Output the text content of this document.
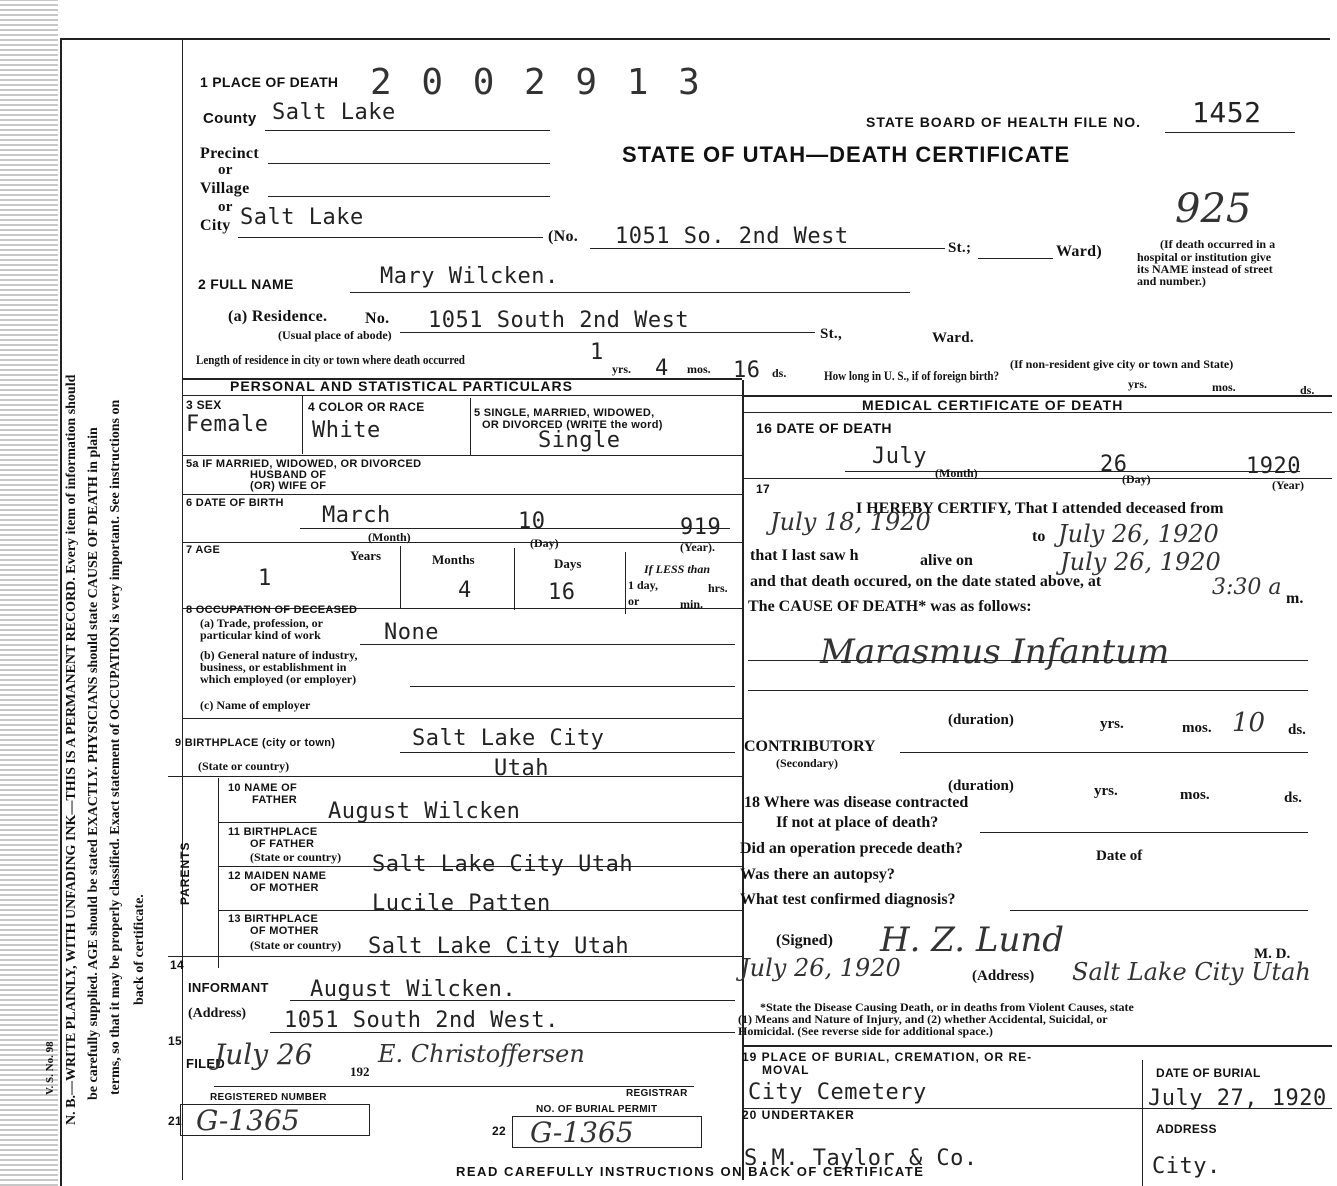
N. B.—WRITE PLAINLY, WITH UNFADING INK—THIS IS A PERMANENT RECORD. Every item of information should be carefully supplied. AGE should be stated EXACTLY. PHYSICIANS should state CAUSE OF DEATH in plain terms, so that it may be properly classified. Exact statement of OCCUPATION is very important. See instructions on back of certificate.
V. S. No. 98
1 PLACE OF DEATH 2 0 0 2 9 1 3
County Salt Lake	STATE BOARD OF HEALTH FILE NO. 1452
STATE OF UTAH—DEATH CERTIFICATE
925
Precinct
or
Village
or
City Salt Lake
(No. 1051 So. 2nd West	St.;	Ward)	(If death occurred in a
hospital or institution give
its NAME instead of street
and number.)
2 FULL NAME	Mary Wilcken.
(a) Residence. No. 1051 South 2nd West
(Usual place of abode)	St.,	Ward.
(If non-resident give city or town and State)
Length of residence in city or town where death occurred	1
yrs. 4 mos. 16 ds.	How long in U. S., if of foreign birth?
yrs.	mos.	ds.
PERSONAL AND STATISTICAL PARTICULARS
3 SEX
Female
4 COLOR OR RACE
White
5 SINGLE, MARRIED, WIDOWED,
OR DIVORCED (WRITE the word)
Single
5a IF MARRIED, WIDOWED, OR DIVORCED
HUSBAND OF
(OR) WIFE OF
6 DATE OF BIRTH March	10	919
(Month)	(Day)	(Year).
7 AGE	Years	Months	Days
1	4	16
If LESS than
1 day,	hrs.
or	min.
8 OCCUPATION OF DECEASED
(a) Trade, profession, or
particular kind of work	None
(b) General nature of industry,
business, or establishment in
which employed (or employer)
(c) Name of employer
9 BIRTHPLACE (city or town)	Salt Lake City
(State or country)	Utah
PARENTS
10 NAME OF
FATHER August Wilcken
11 BIRTHPLACE
OF FATHER
(State or country) Salt Lake City Utah
12 MAIDEN NAME
OF MOTHER
Lucile Patten
13 BIRTHPLACE
OF MOTHER
(State or country) Salt Lake City Utah
14
INFORMANT August Wilcken.
(Address) 1051 South 2nd West.
15
FILED
July 26
192
E. Christoffersen
REGISTRAR
REGISTERED NUMBER
NO. OF BURIAL PERMIT
21 G-1365	22 G-1365
MEDICAL CERTIFICATE OF DEATH
16 DATE OF DEATH
July	26	1920
(Month)	(Day)	(Year)
17
I HEREBY CERTIFY, That I attended deceased from
July 18, 1920
to July 26, 1920
that I last saw h	alive on	July 26, 1920
and that death occured, on the date stated above, at	3:30 a m.
The CAUSE OF DEATH* was as follows:
Marasmus Infantum
(duration)	yrs.	mos. 10 ds.
CONTRIBUTORY
(Secondary)
(duration)	yrs.	mos.	ds.
18 Where was disease contracted
If not at place of death?
Did an operation precede death?	Date of
Was there an autopsy?
What test confirmed diagnosis?
(Signed) H. Z. Lund	M. D.
July 26, 1920	(Address) Salt Lake City Utah
*State the Disease Causing Death, or in deaths from Violent Causes, state
(1) Means and Nature of Injury, and (2) whether Accidental, Suicidal, or
Homicidal. (See reverse side for additional space.)
19 PLACE OF BURIAL, CREMATION, OR RE-
MOVAL
City Cemetery
DATE OF BURIAL
July 27, 1920
20 UNDERTAKER
ADDRESS
S.M. Taylor & Co.	City.
READ CAREFULLY INSTRUCTIONS ON BACK OF CERTIFICATE
